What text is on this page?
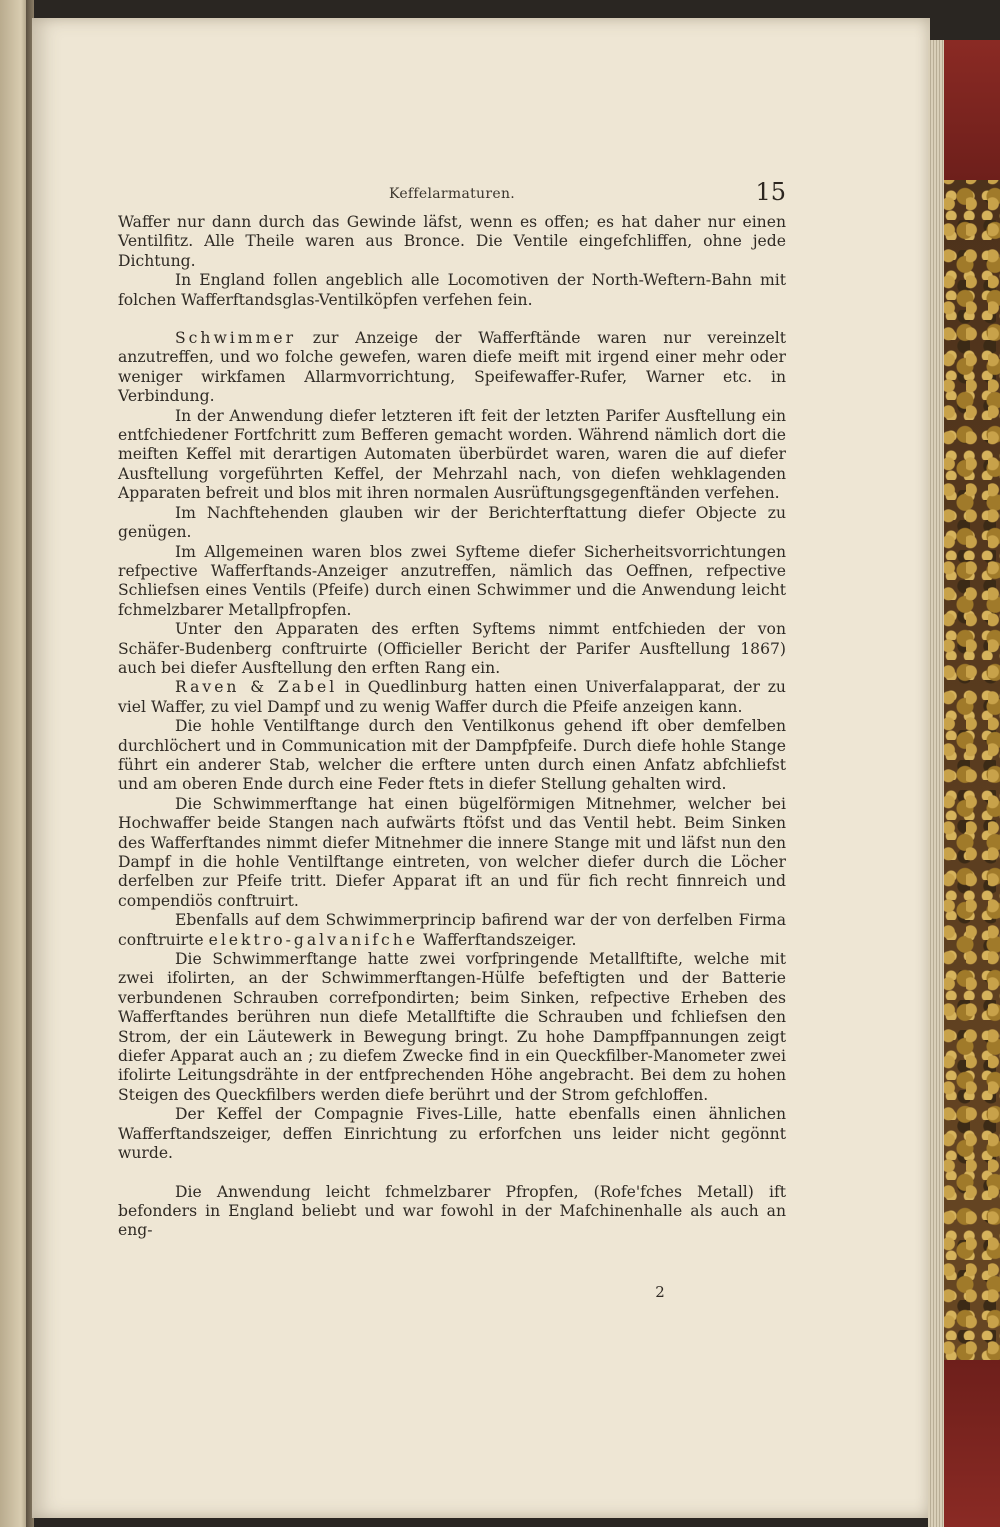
Keffelarmaturen.	15

Waffer nur dann durch das Gewinde läfst, wenn es offen; es hat daher nur einen Ventilfitz. Alle Theile waren aus Bronce. Die Ventile eingefchliffen, ohne jede Dichtung.

In England follen angeblich alle Locomotiven der North-Weftern-Bahn mit folchen Wafferftandsglas-Ventilköpfen verfehen fein.

Schwimmer zur Anzeige der Wafferftände waren nur vereinzelt anzutreffen, und wo folche gewefen, waren diefe meift mit irgend einer mehr oder weniger wirkfamen Allarmvorrichtung, Speifewaffer-Rufer, Warner etc. in Verbindung.

In der Anwendung diefer letzteren ift feit der letzten Parifer Ausftellung ein entfchiedener Fortfchritt zum Befferen gemacht worden. Während nämlich dort die meiften Keffel mit derartigen Automaten überbürdet waren, waren die auf diefer Ausftellung vorgeführten Keffel, der Mehrzahl nach, von diefen wehklagenden Apparaten befreit und blos mit ihren normalen Ausrüftungsgegenftänden verfehen.

Im Nachftehenden glauben wir der Berichterftattung diefer Objecte zu genügen.

Im Allgemeinen waren blos zwei Syfteme diefer Sicherheitsvorrichtungen refpective Wafferftands-Anzeiger anzutreffen, nämlich das Oeffnen, refpective Schliefsen eines Ventils (Pfeife) durch einen Schwimmer und die Anwendung leicht fchmelzbarer Metallpfropfen.

Unter den Apparaten des erften Syftems nimmt entfchieden der von Schäfer-Budenberg conftruirte (Officieller Bericht der Parifer Ausftellung 1867) auch bei diefer Ausftellung den erften Rang ein.

Raven & Zabel in Quedlinburg hatten einen Univerfalapparat, der zu viel Waffer, zu viel Dampf und zu wenig Waffer durch die Pfeife anzeigen kann.

Die hohle Ventilftange durch den Ventilkonus gehend ift ober demfelben durchlöchert und in Communication mit der Dampfpfeife. Durch diefe hohle Stange führt ein anderer Stab, welcher die erftere unten durch einen Anfatz abfchliefst und am oberen Ende durch eine Feder ftets in diefer Stellung gehalten wird.

Die Schwimmerftange hat einen bügelförmigen Mitnehmer, welcher bei Hochwaffer beide Stangen nach aufwärts ftöfst und das Ventil hebt. Beim Sinken des Wafferftandes nimmt diefer Mitnehmer die innere Stange mit und läfst nun den Dampf in die hohle Ventilftange eintreten, von welcher diefer durch die Löcher derfelben zur Pfeife tritt. Diefer Apparat ift an und für fich recht finnreich und compendiös conftruirt.

Ebenfalls auf dem Schwimmerprincip bafirend war der von derfelben Firma conftruirte elektro-galvanifche Wafferftandszeiger.

Die Schwimmerftange hatte zwei vorfpringende Metallftifte, welche mit zwei ifolirten, an der Schwimmerftangen-Hülfe befeftigten und der Batterie verbundenen Schrauben correfpondirten; beim Sinken, refpective Erheben des Wafferftandes berühren nun diefe Metallftifte die Schrauben und fchliefsen den Strom, der ein Läutewerk in Bewegung bringt. Zu hohe Dampffpannungen zeigt diefer Apparat auch an ; zu diefem Zwecke find in ein Queckfilber-Manometer zwei ifolirte Leitungsdrähte in der entfprechenden Höhe angebracht. Bei dem zu hohen Steigen des Queckfilbers werden diefe berührt und der Strom gefchloffen.

Der Keffel der Compagnie Fives-Lille, hatte ebenfalls einen ähnlichen Wafferftandszeiger, deffen Einrichtung zu erforfchen uns leider nicht gegönnt wurde.

Die Anwendung leicht fchmelzbarer Pfropfen, (Rofe'fches Metall) ift befonders in England beliebt und war fowohl in der Mafchinenhalle als auch an eng-

2
